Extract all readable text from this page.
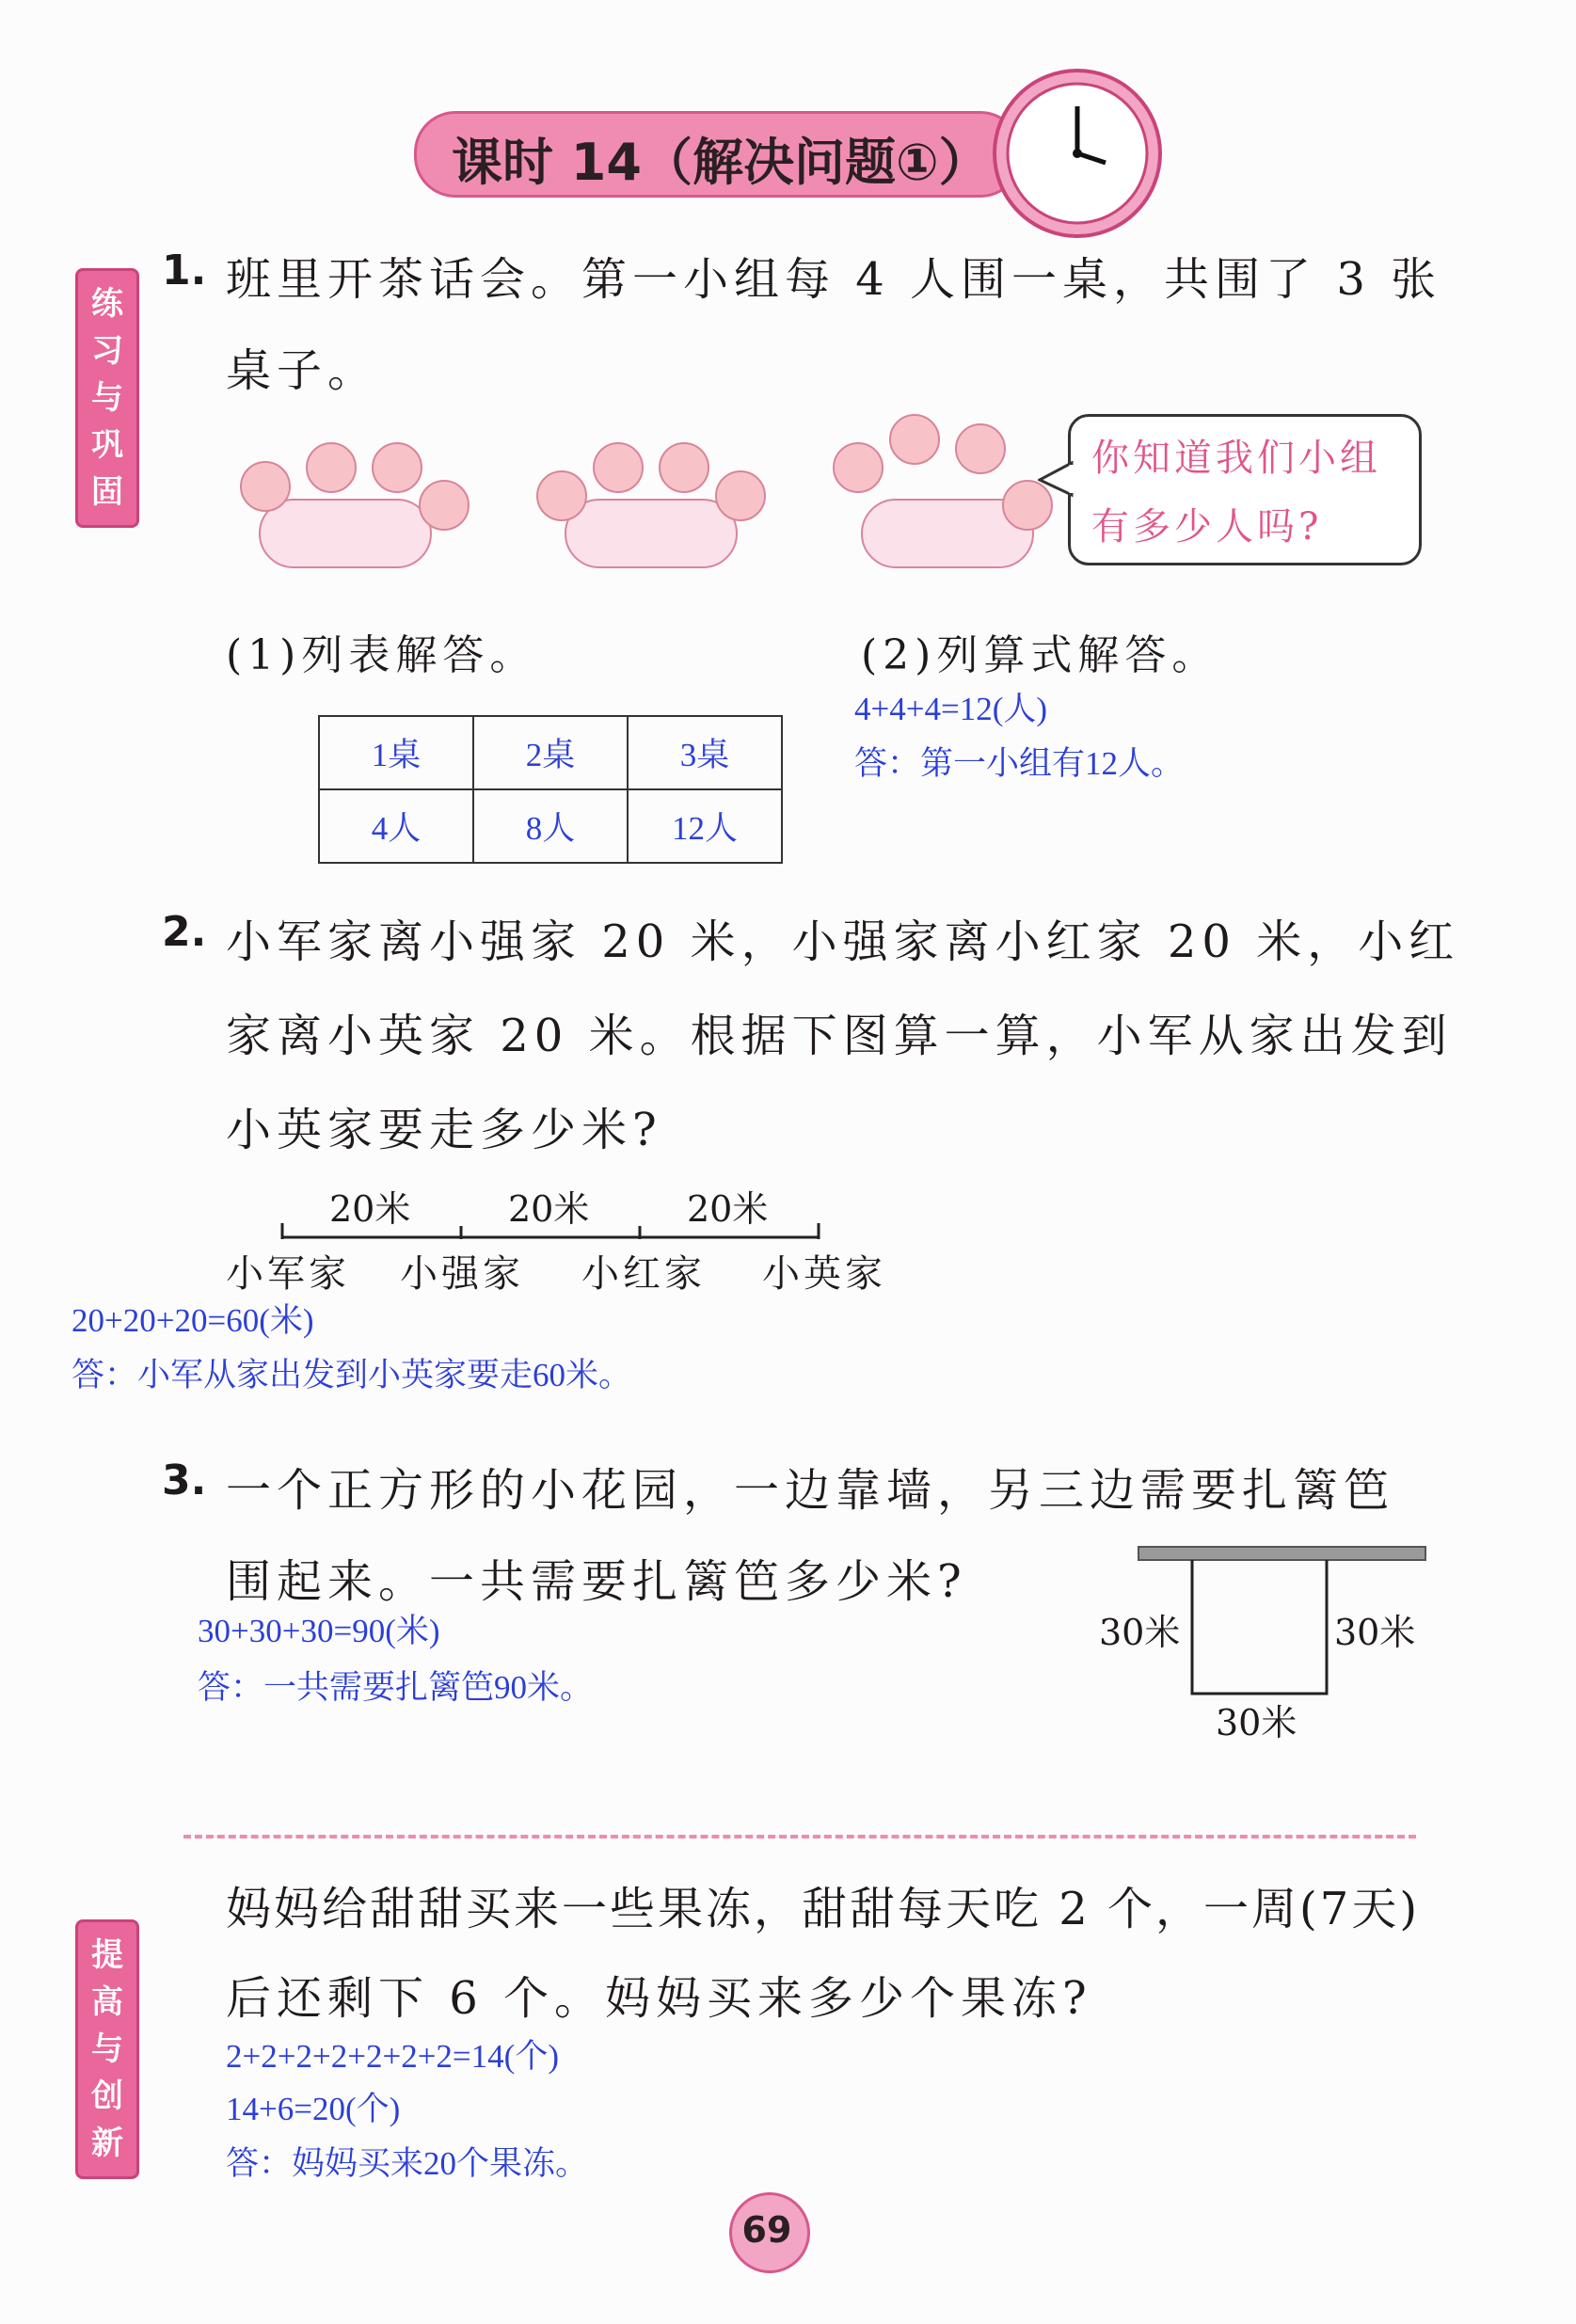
课时 14（解决问题①）
练习与巩固
提高与创新
1. 班里开茶话会。第一小组每 4 人围一桌，共围了 3 张
桌子。
你知道我们小组
有多少人吗?
(1)列表解答。	(2)列算式解答。
1桌	2桌	3桌
4人	8人	12人
4+4+4=12(人)
答：第一小组有12人。
2. 小军家离小强家 20 米，小强家离小红家 20 米，小红
家离小英家 20 米。根据下图算一算，小军从家出发到
小英家要走多少米?
20米	20米	20米
小军家 小强家 小红家 小英家
20+20+20=60(米)
答：小军从家出发到小英家要走60米。
3. 一个正方形的小花园，一边靠墙，另三边需要扎篱笆
围起来。一共需要扎篱笆多少米?
30+30+30=90(米)
答：一共需要扎篱笆90米。
30米	30米
30米
妈妈给甜甜买来一些果冻，甜甜每天吃 2 个，一周(7天)
后还剩下 6 个。妈妈买来多少个果冻?
2+2+2+2+2+2+2=14(个)
14+6=20(个)
答：妈妈买来20个果冻。
69
